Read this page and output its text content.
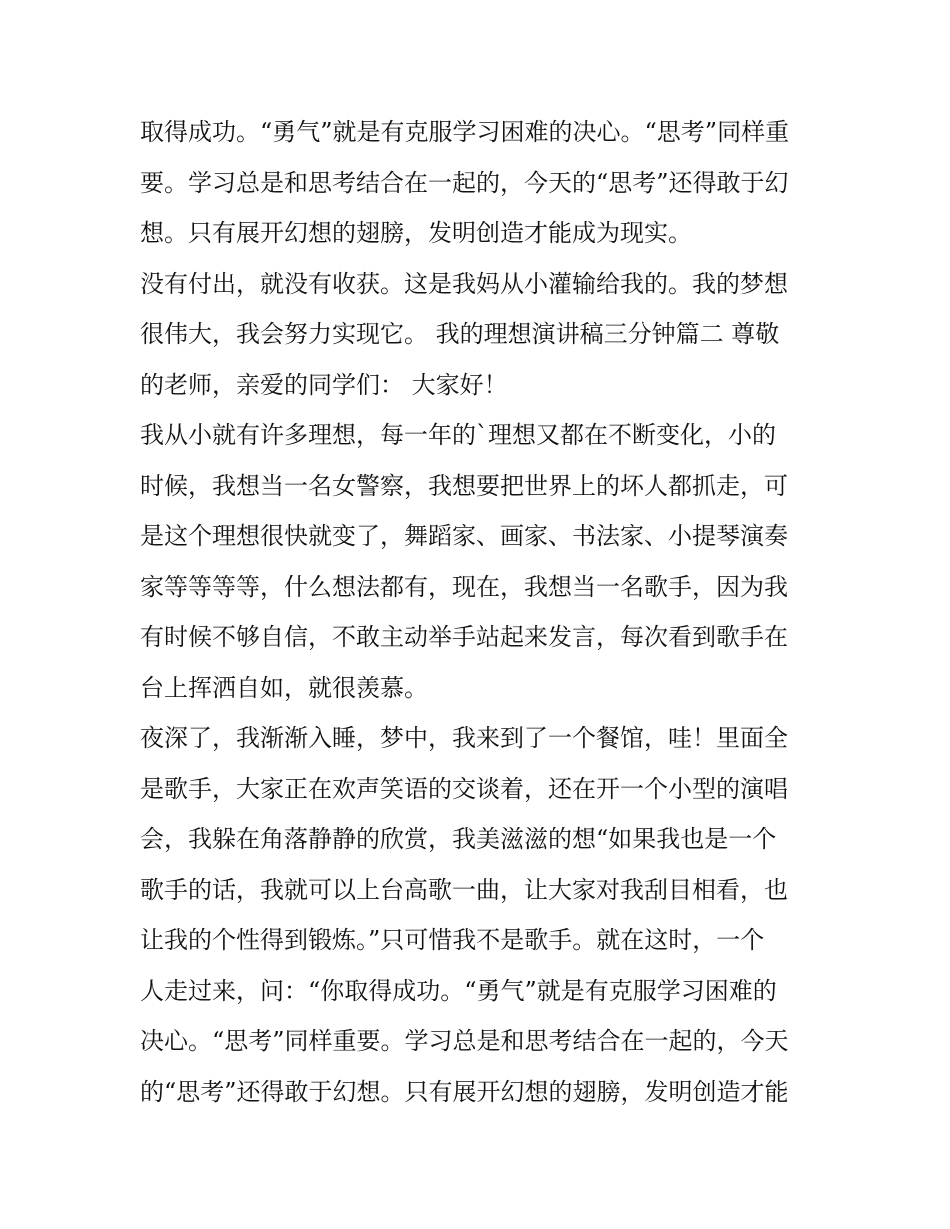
取得成功。“勇气”就是有克服学习困难的决心。“思考”同样重
要。学习总是和思考结合在一起的，今天的“思考”还得敢于幻
想。只有展开幻想的翅膀，发明创造才能成为现实。
没有付出，就没有收获。这是我妈从小灌输给我的。我的梦想
很伟大，我会努力实现它。 我的理想演讲稿三分钟篇二 尊敬
的老师，亲爱的同学们： 大家好！
我从小就有许多理想，每一年的`理想又都在不断变化，小的
时候，我想当一名女警察，我想要把世界上的坏人都抓走，可
是这个理想很快就变了，舞蹈家、画家、书法家、小提琴演奏
家等等等等，什么想法都有，现在，我想当一名歌手，因为我
有时候不够自信，不敢主动举手站起来发言，每次看到歌手在
台上挥洒自如，就很羡慕。
夜深了，我渐渐入睡，梦中，我来到了一个餐馆，哇！里面全
是歌手，大家正在欢声笑语的交谈着，还在开一个小型的演唱
会，我躲在角落静静的欣赏，我美滋滋的想“如果我也是一个
歌手的话，我就可以上台高歌一曲，让大家对我刮目相看，也
让我的个性得到锻炼。”只可惜我不是歌手。就在这时，一个
人走过来，问：“你取得成功。“勇气”就是有克服学习困难的
决心。“思考”同样重要。学习总是和思考结合在一起的，今天
的“思考”还得敢于幻想。只有展开幻想的翅膀，发明创造才能
